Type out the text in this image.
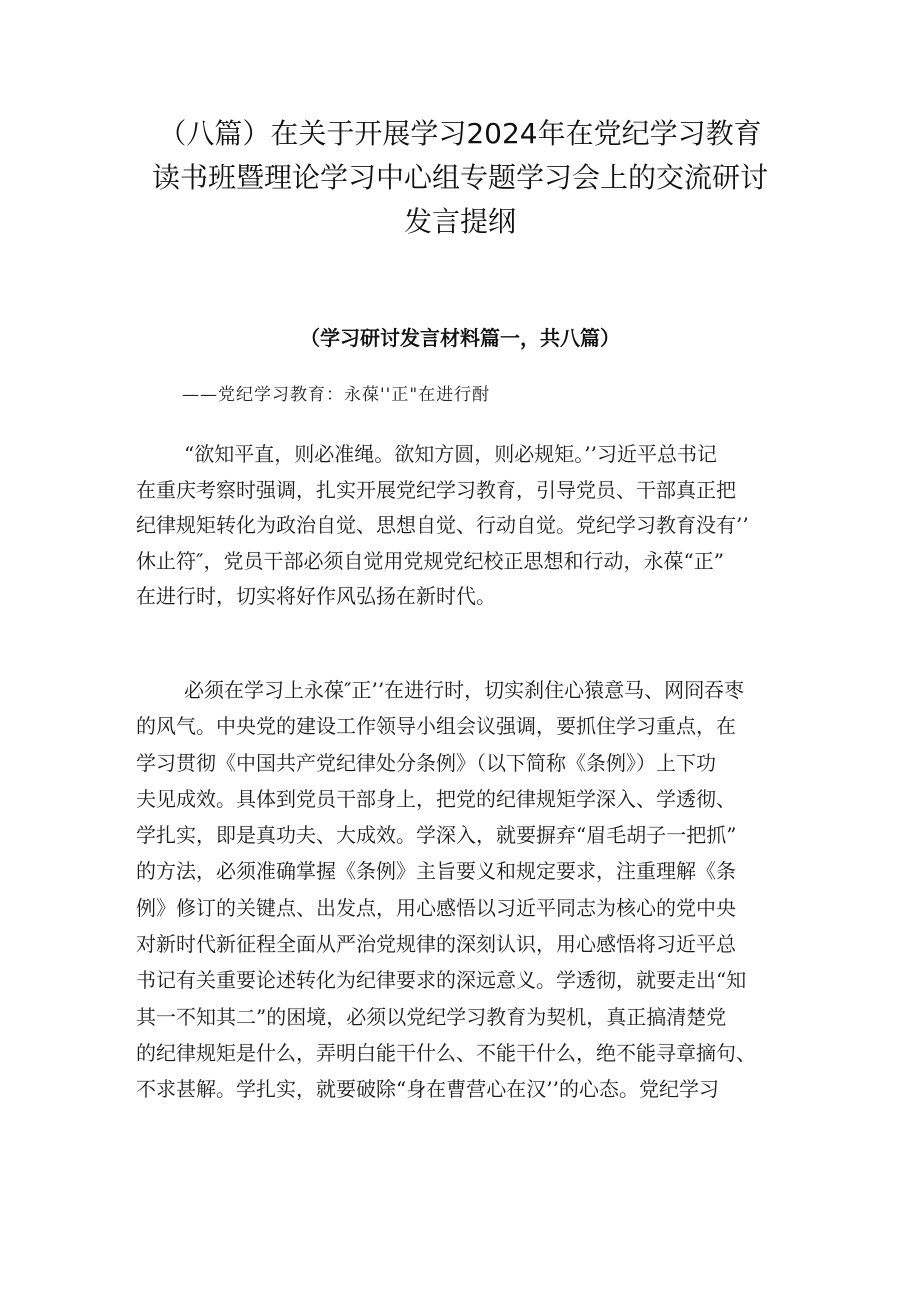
（八篇）在关于开展学习2024年在党纪学习教育
读书班暨理论学习中心组专题学习会上的交流研讨
发言提纲
（学习研讨发言材料篇一，共八篇）
——党纪学习教育：永葆''正"在进行酎
“欲知平直，则必准绳。欲知方圆，则必规矩。’’习近平总书记
在重庆考察时强调，扎实开展党纪学习教育，引导党员、干部真正把
纪律规矩转化为政治自觉、思想自觉、行动自觉。党纪学习教育没有’’
休止符″，党员干部必须自觉用党规党纪校正思想和行动，永葆“正”
在进行时，切实将好作风弘扬在新时代。
必须在学习上永葆″正’’在进行时，切实刹住心猿意马、网冏吞枣
的风气。中央党的建设工作领导小组会议强调，要抓住学习重点，在
学习贯彻《中国共产党纪律处分条例》（以下简称《条例》）上下功
夫见成效。具体到党员干部身上，把党的纪律规矩学深入、学透彻、
学扎实，即是真功夫、大成效。学深入，就要摒弃“眉毛胡子一把抓”
的方法，必须准确掌握《条例》主旨要义和规定要求，注重理解《条
例》修订的关键点、出发点，用心感悟以习近平同志为核心的党中央
对新时代新征程全面从严治党规律的深刻认识，用心感悟将习近平总
书记有关重要论述转化为纪律要求的深远意义。学透彻，就要走出“知
其一不知其二”的困境，必须以党纪学习教育为契机，真正搞清楚党
的纪律规矩是什么，弄明白能干什么、不能干什么，绝不能寻章摘句、
不求甚解。学扎实，就要破除“身在曹营心在汉’’的心态。党纪学习
